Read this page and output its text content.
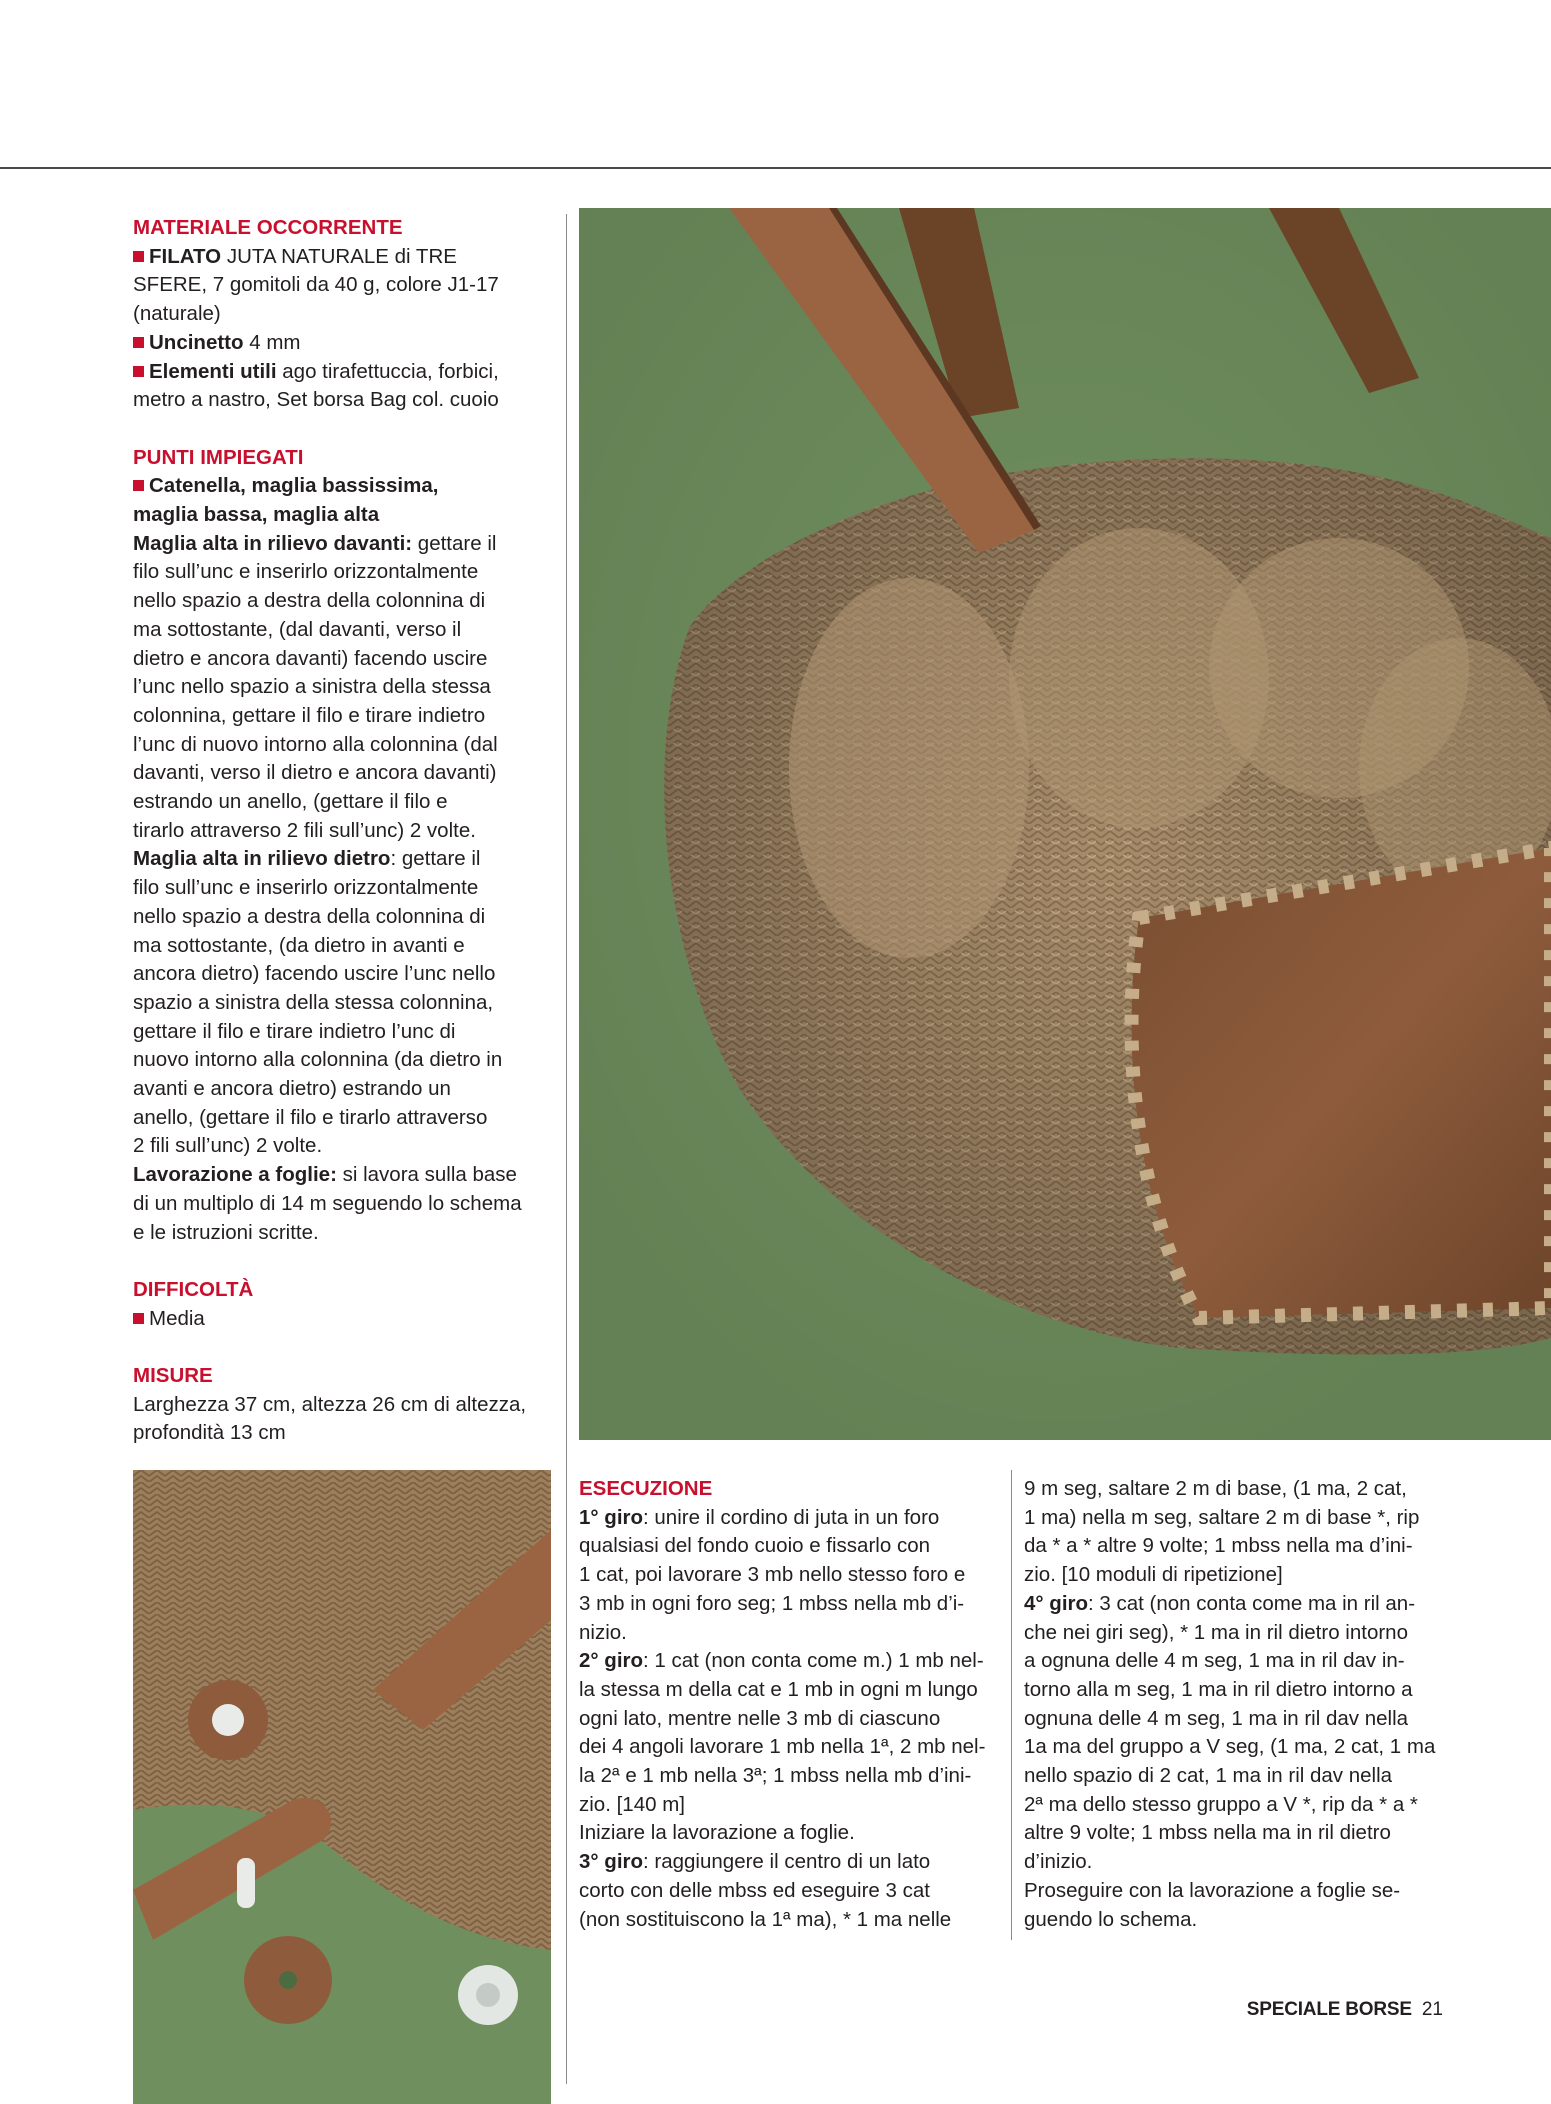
MATERIALE OCCORRENTE
FILATO JUTA NATURALE di TRE
SFERE, 7 gomitoli da 40 g, colore J1-17
(naturale)
Uncinetto 4 mm
Elementi utili ago tirafettuccia, forbici,
metro a nastro, Set borsa Bag col. cuoio
PUNTI IMPIEGATI
Catenella, maglia bassissima,
maglia bassa, maglia alta
Maglia alta in rilievo davanti: gettare il
filo sull’unc e inserirlo orizzontalmente
nello spazio a destra della colonnina di
ma sottostante, (dal davanti, verso il
dietro e ancora davanti) facendo uscire
l’unc nello spazio a sinistra della stessa
colonnina, gettare il filo e tirare indietro
l’unc di nuovo intorno alla colonnina (dal
davanti, verso il dietro e ancora davanti)
estrando un anello, (gettare il filo e
tirarlo attraverso 2 fili sull’unc) 2 volte.
Maglia alta in rilievo dietro: gettare il
filo sull’unc e inserirlo orizzontalmente
nello spazio a destra della colonnina di
ma sottostante, (da dietro in avanti e
ancora dietro) facendo uscire l’unc nello
spazio a sinistra della stessa colonnina,
gettare il filo e tirare indietro l’unc di
nuovo intorno alla colonnina (da dietro in
avanti e ancora dietro) estrando un
anello, (gettare il filo e tirarlo attraverso
2 fili sull’unc) 2 volte.
Lavorazione a foglie: si lavora sulla base
di un multiplo di 14 m seguendo lo schema
e le istruzioni scritte.
DIFFICOLTÀ
Media
MISURE
Larghezza 37 cm, altezza 26 cm di altezza,
profondità 13 cm
ESECUZIONE
1° giro: unire il cordino di juta in un foro
qualsiasi del fondo cuoio e fissarlo con
1 cat, poi lavorare 3 mb nello stesso foro e
3 mb in ogni foro seg; 1 mbss nella mb d’i-
nizio.
2° giro: 1 cat (non conta come m.) 1 mb nel-
la stessa m della cat e 1 mb in ogni m lungo
ogni lato, mentre nelle 3 mb di ciascuno
dei 4 angoli lavorare 1 mb nella 1ª, 2 mb nel-
la 2ª e 1 mb nella 3ª; 1 mbss nella mb d’ini-
zio. [140 m]
Iniziare la lavorazione a foglie.
3° giro: raggiungere il centro di un lato
corto con delle mbss ed eseguire 3 cat
(non sostituiscono la 1ª ma), * 1 ma nelle
9 m seg, saltare 2 m di base, (1 ma, 2 cat,
1 ma) nella m seg, saltare 2 m di base *, rip
da * a * altre 9 volte; 1 mbss nella ma d’ini-
zio. [10 moduli di ripetizione]
4° giro: 3 cat (non conta come ma in ril an-
che nei giri seg), * 1 ma in ril dietro intorno
a ognuna delle 4 m seg, 1 ma in ril dav in-
torno alla m seg, 1 ma in ril dietro intorno a
ognuna delle 4 m seg, 1 ma in ril dav nella
1a ma del gruppo a V seg, (1 ma, 2 cat, 1 ma
nello spazio di 2 cat, 1 ma in ril dav nella
2ª ma dello stesso gruppo a V *, rip da * a *
altre 9 volte; 1 mbss nella ma in ril dietro
d’inizio.
Proseguire con la lavorazione a foglie se-
guendo lo schema.
SPECIALE BORSE 21
